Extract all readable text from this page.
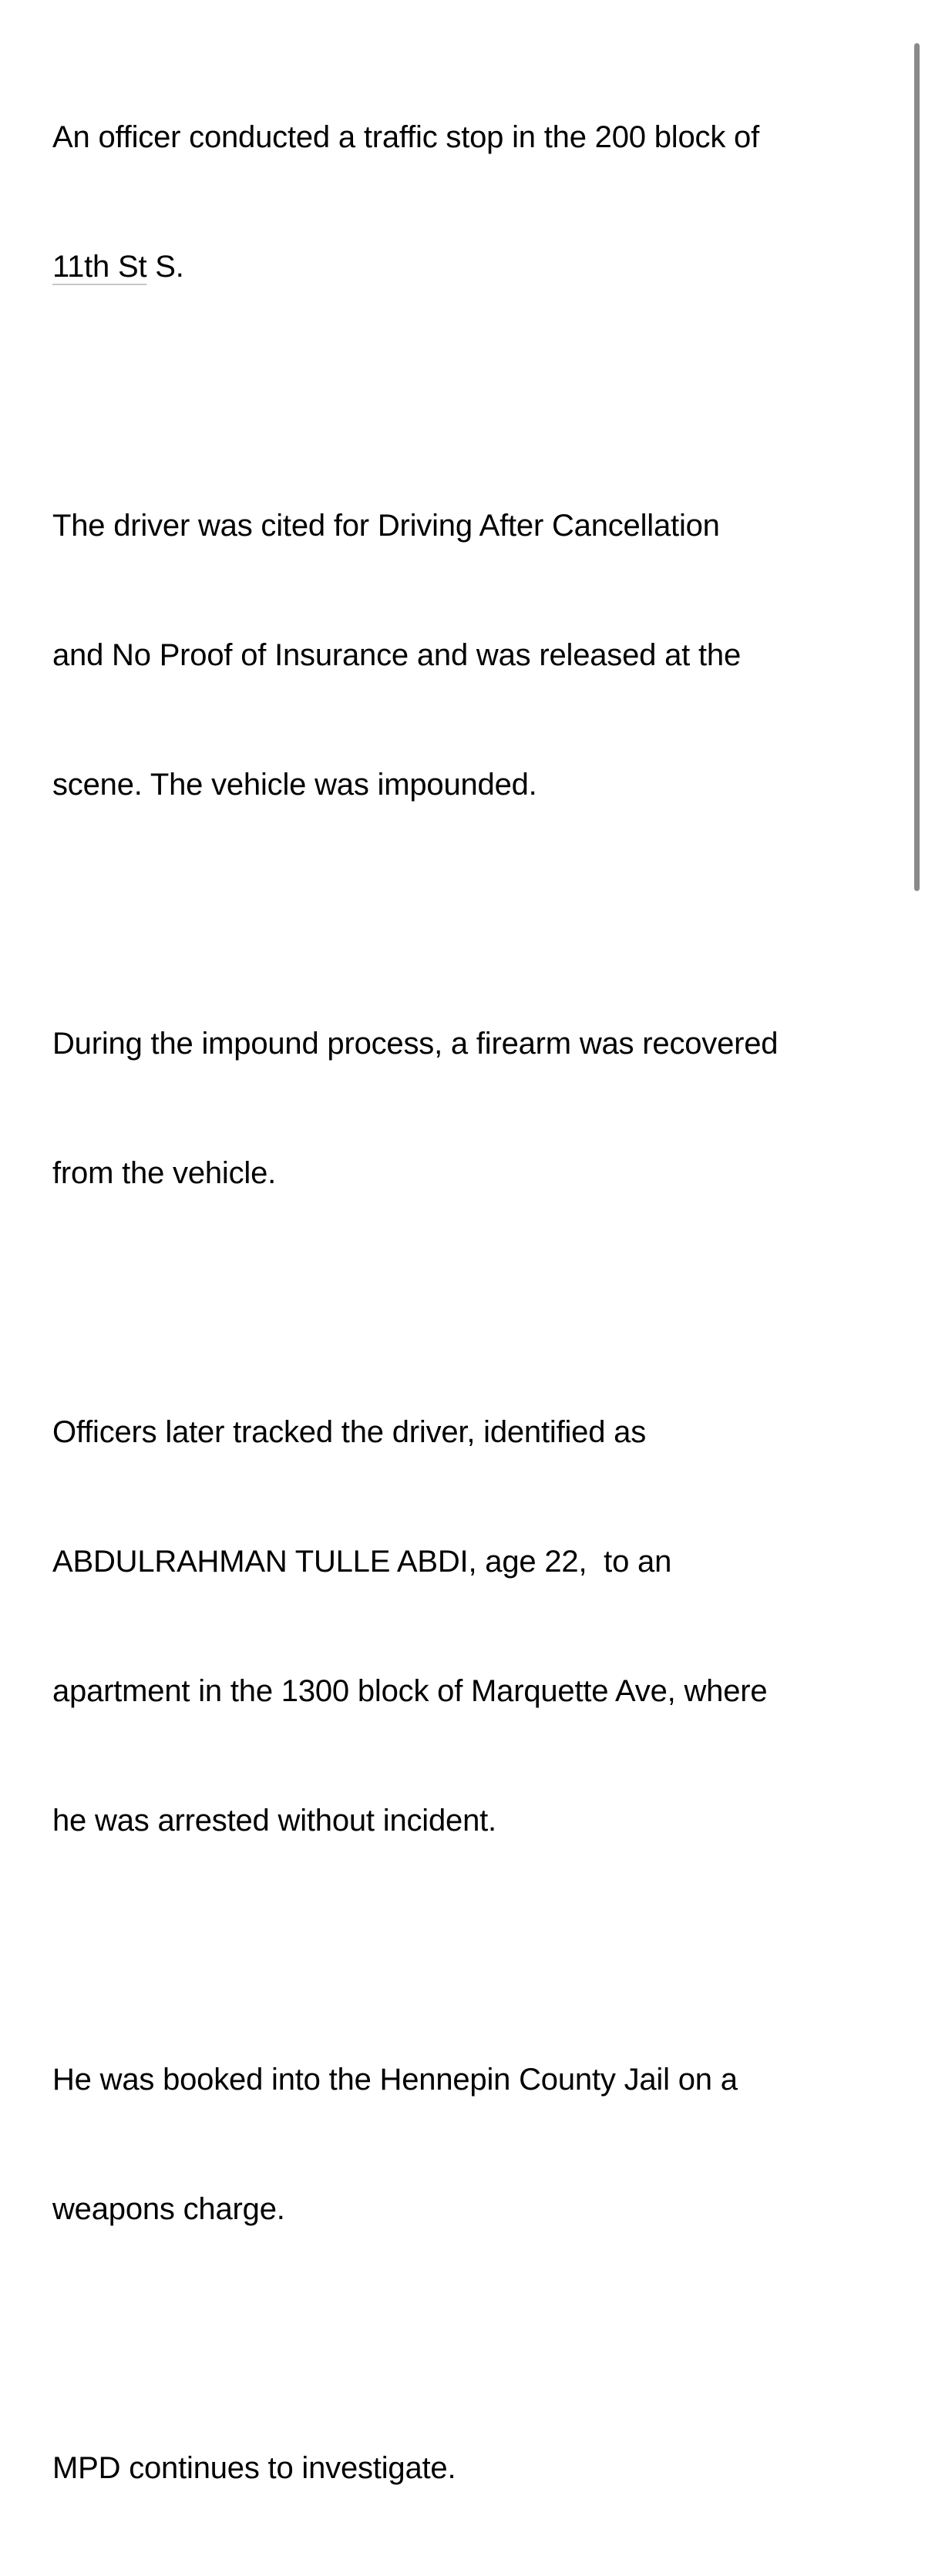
An officer conducted a traffic stop in the 200 block of

11th St S.

The driver was cited for Driving After Cancellation

and No Proof of Insurance and was released at the

scene. The vehicle was impounded.

During the impound process, a firearm was recovered

from the vehicle.

Officers later tracked the driver, identified as

ABDULRAHMAN TULLE ABDI, age 22,  to an

apartment in the 1300 block of Marquette Ave, where

he was arrested without incident.

He was booked into the Hennepin County Jail on a

weapons charge.

MPD continues to investigate.
